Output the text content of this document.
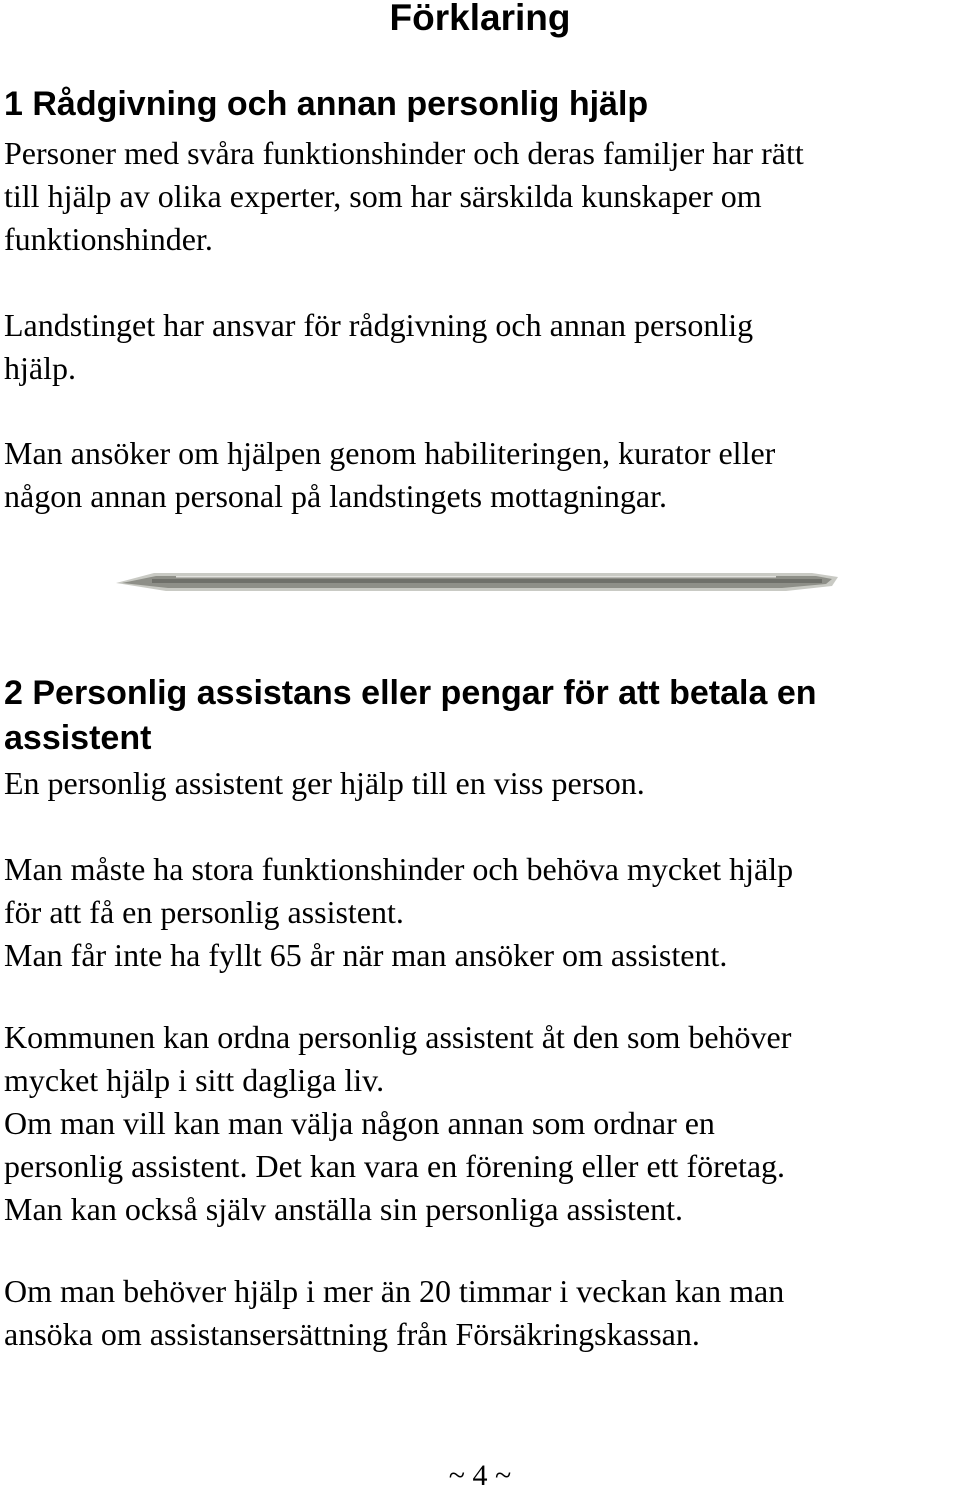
Förklaring
1 Rådgivning och annan personlig hjälp

Personer med svåra funktionshinder och deras familjer har rätt

till hjälp av olika experter, som har särskilda kunskaper om

funktionshinder.

Landstinget har ansvar för rådgivning och annan personlig

hjälp.

Man ansöker om hjälpen genom habiliteringen, kurator eller

någon annan personal på landstingets mottagningar.

2 Personlig assistans eller pengar för att betala en
assistent

En personlig assistent ger hjälp till en viss person.

Man måste ha stora funktionshinder och behöva mycket hjälp

för att få en personlig assistent.

Man får inte ha fyllt 65 år när man ansöker om assistent.

Kommunen kan ordna personlig assistent åt den som behöver

mycket hjälp i sitt dagliga liv.

Om man vill kan man välja någon annan som ordnar en

personlig assistent. Det kan vara en förening eller ett företag.

Man kan också själv anställa sin personliga assistent.

Om man behöver hjälp i mer än 20 timmar i veckan kan man

ansöka om assistansersättning från Försäkringskassan.

~ 4 ~
